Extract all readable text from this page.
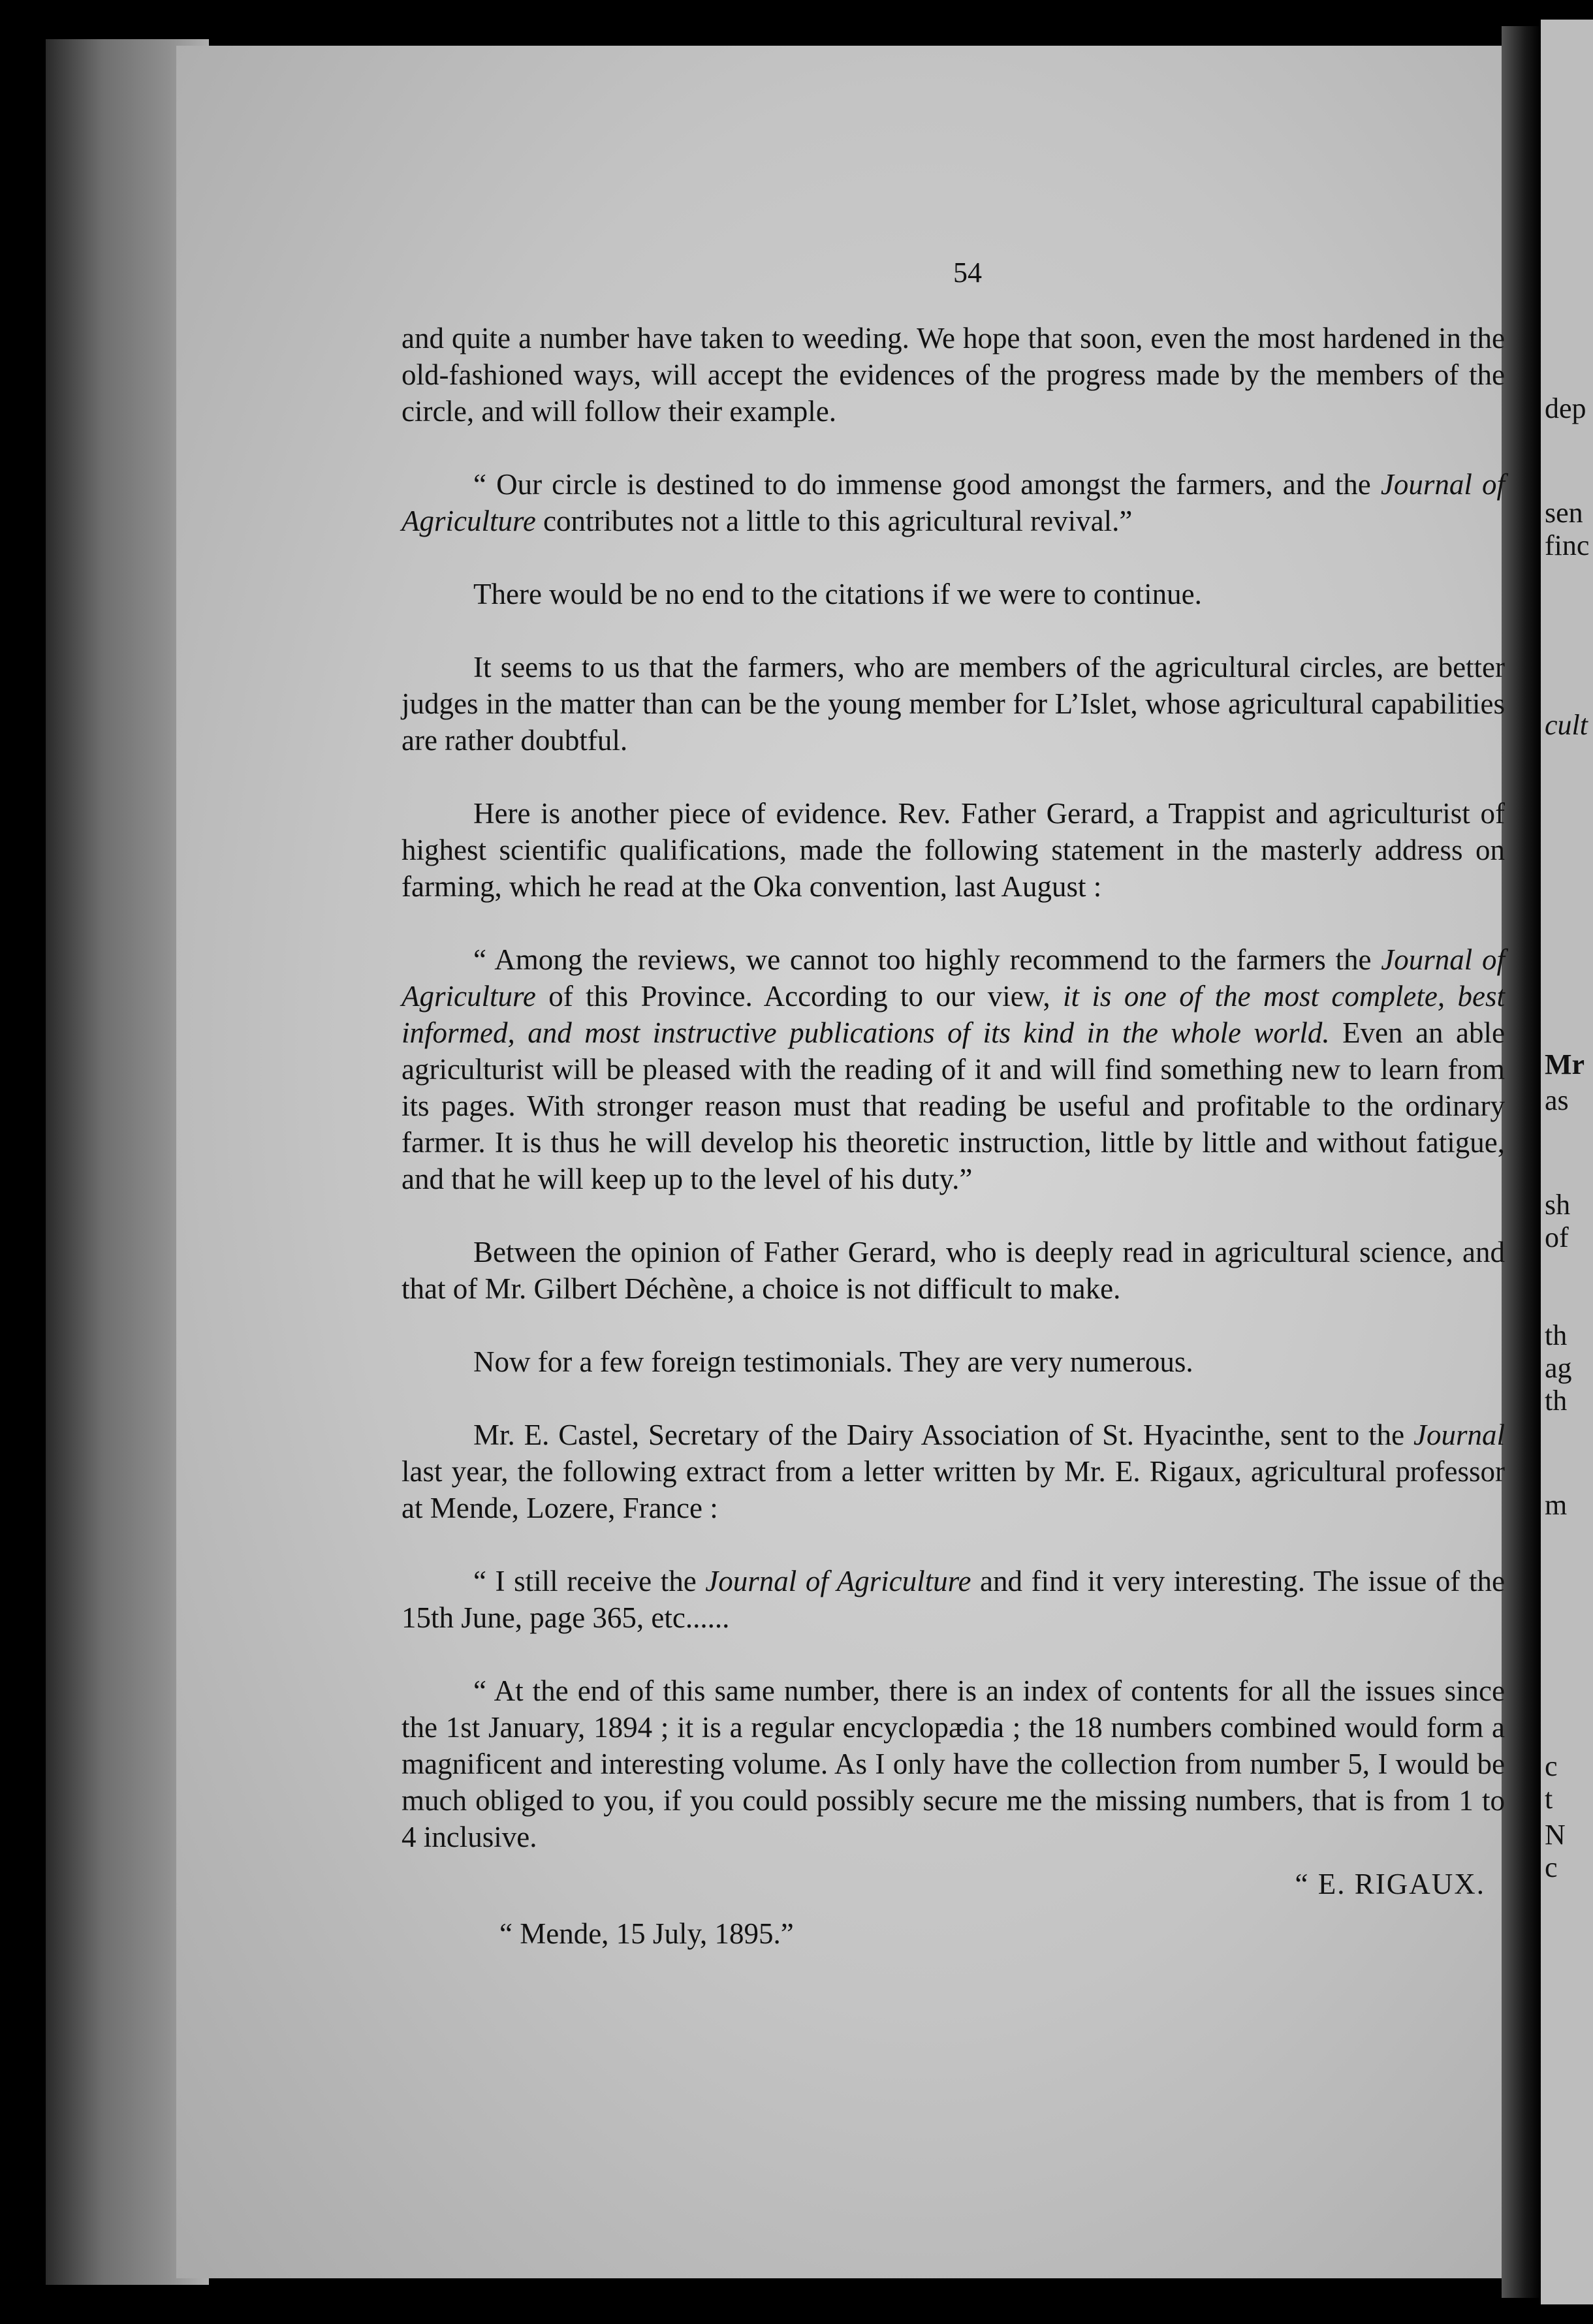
dep
sen
finc
cult
Mr
as
sh
of
th
ag
th
m
c
t
N
c
54

and quite a number have taken to weeding. We hope that soon, even the most hardened in the old-fashioned ways, will accept the evidences of the progress made by the members of the circle, and will follow their example.

“ Our circle is destined to do immense good amongst the farmers, and the Journal of Agriculture contributes not a little to this agricultural revival.”

There would be no end to the citations if we were to continue.

It seems to us that the farmers, who are members of the agricultural circles, are better judges in the matter than can be the young member for L’Islet, whose agricultural capabilities are rather doubtful.

Here is another piece of evidence. Rev. Father Gerard, a Trappist and agriculturist of highest scientific qualifications, made the following statement in the masterly address on farming, which he read at the Oka convention, last August :

“ Among the reviews, we cannot too highly recommend to the farmers the Journal of Agriculture of this Province. According to our view, it is one of the most complete, best informed, and most instructive publications of its kind in the whole world. Even an able agriculturist will be pleased with the reading of it and will find something new to learn from its pages. With stronger reason must that reading be useful and profitable to the ordinary farmer. It is thus he will develop his theoretic instruction, little by little and without fatigue, and that he will keep up to the level of his duty.”

Between the opinion of Father Gerard, who is deeply read in agricultural science, and that of Mr. Gilbert Déchène, a choice is not difficult to make.

Now for a few foreign testimonials. They are very numerous.

Mr. E. Castel, Secretary of the Dairy Association of St. Hyacinthe, sent to the Journal last year, the following extract from a letter written by Mr. E. Rigaux, agricultural professor at Mende, Lozere, France :

“ I still receive the Journal of Agriculture and find it very interesting. The issue of the 15th June, page 365, etc......

“ At the end of this same number, there is an index of contents for all the issues since the 1st January, 1894 ; it is a regular encyclopædia ; the 18 numbers combined would form a magnificent and interesting volume. As I only have the collection from number 5, I would be much obliged to you, if you could possibly secure me the missing numbers, that is from 1 to 4 inclusive.

“ E. RIGAUX.

“ Mende, 15 July, 1895.”
